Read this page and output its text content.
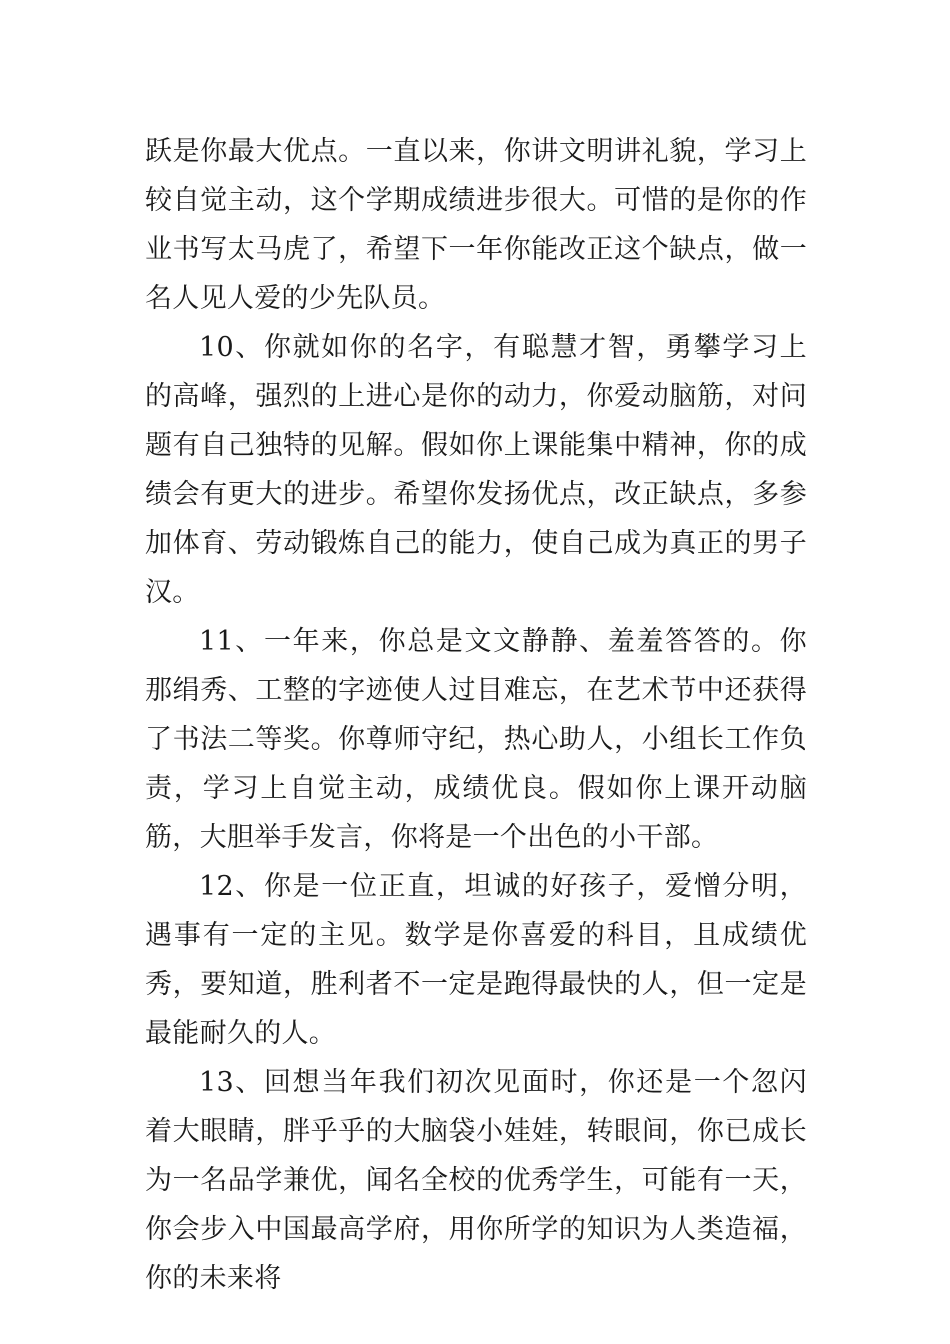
跃是你最大优点。一直以来，你讲文明讲礼貌，学习上较自觉主动，这个学期成绩进步很大。可惜的是你的作业书写太马虎了，希望下一年你能改正这个缺点，做一名人见人爱的少先队员。

10、你就如你的名字，有聪慧才智，勇攀学习上的高峰，强烈的上进心是你的动力，你爱动脑筋，对问题有自己独特的见解。假如你上课能集中精神，你的成绩会有更大的进步。希望你发扬优点，改正缺点，多参加体育、劳动锻炼自己的能力，使自己成为真正的男子汉。

11、一年来，你总是文文静静、羞羞答答的。你那绢秀、工整的字迹使人过目难忘，在艺术节中还获得了书法二等奖。你尊师守纪，热心助人，小组长工作负责，学习上自觉主动，成绩优良。假如你上课开动脑筋，大胆举手发言，你将是一个出色的小干部。

12、你是一位正直，坦诚的好孩子，爱憎分明，遇事有一定的主见。数学是你喜爱的科目，且成绩优秀，要知道，胜利者不一定是跑得最快的人，但一定是最能耐久的人。

13、回想当年我们初次见面时，你还是一个忽闪着大眼睛，胖乎乎的大脑袋小娃娃，转眼间，你已成长为一名品学兼优，闻名全校的优秀学生，可能有一天，你会步入中国最高学府，用你所学的知识为人类造福，你的未来将
